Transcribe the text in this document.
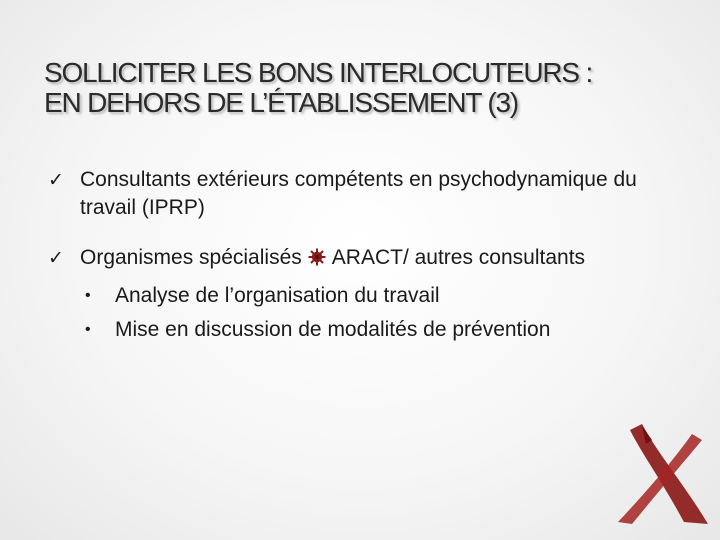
SOLLICITER LES BONS INTERLOCUTEURS :
EN DEHORS DE L’ÉTABLISSEMENT (3)
✓ Consultants extérieurs compétents en psychodynamique du travail (IPRP)
✓ Organismes spécialisés ARACT/ autres consultants
• Analyse de l’organisation du travail
• Mise en discussion de modalités de prévention
